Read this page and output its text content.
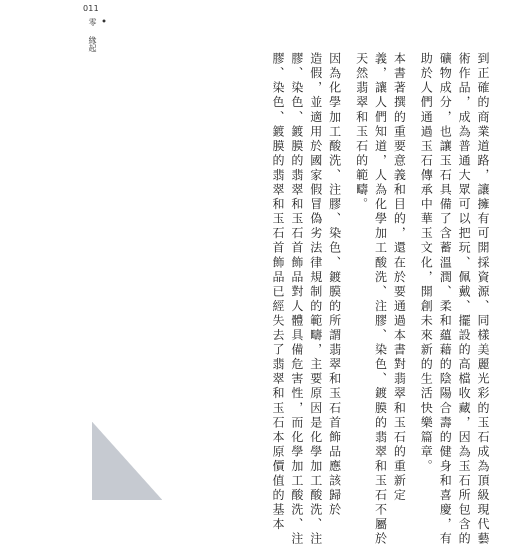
011
•
零緣起

到正確的商業道路，讓擁有可開採資源、同樣美麗光彩的玉石成為頂級現代藝
術作品，成為普通大眾可以把玩、佩戴、擺設的高檔收藏，因為玉石所包含的
礦物成分，也讓玉石具備了含蓄溫潤、柔和蘊藉的陰陽合壽的健身和喜慶，有
助於人們通過玉石傳承中華玉文化，開創未來新的生活快樂篇章。

本書著撰的重要意義和目的，還在於要通過本書對翡翠和玉石的重新定
義，讓人們知道，人為化學加工酸洗、注膠、染色、鍍膜的翡翠和玉石不屬於
天然翡翠和玉石的範疇。

因為化學加工酸洗、注膠、染色、鍍膜的所謂翡翠和玉石首飾品應該歸於
造假，並適用於國家假冒偽劣法律規制的範疇，主要原因是化學加工酸洗、注
膠、染色、鍍膜的翡翠和玉石首飾品對人體具備危害性，而化學加工酸洗、注
膠、染色、鍍膜的翡翠和玉石首飾品已經失去了翡翠和玉石本原價值的基本
